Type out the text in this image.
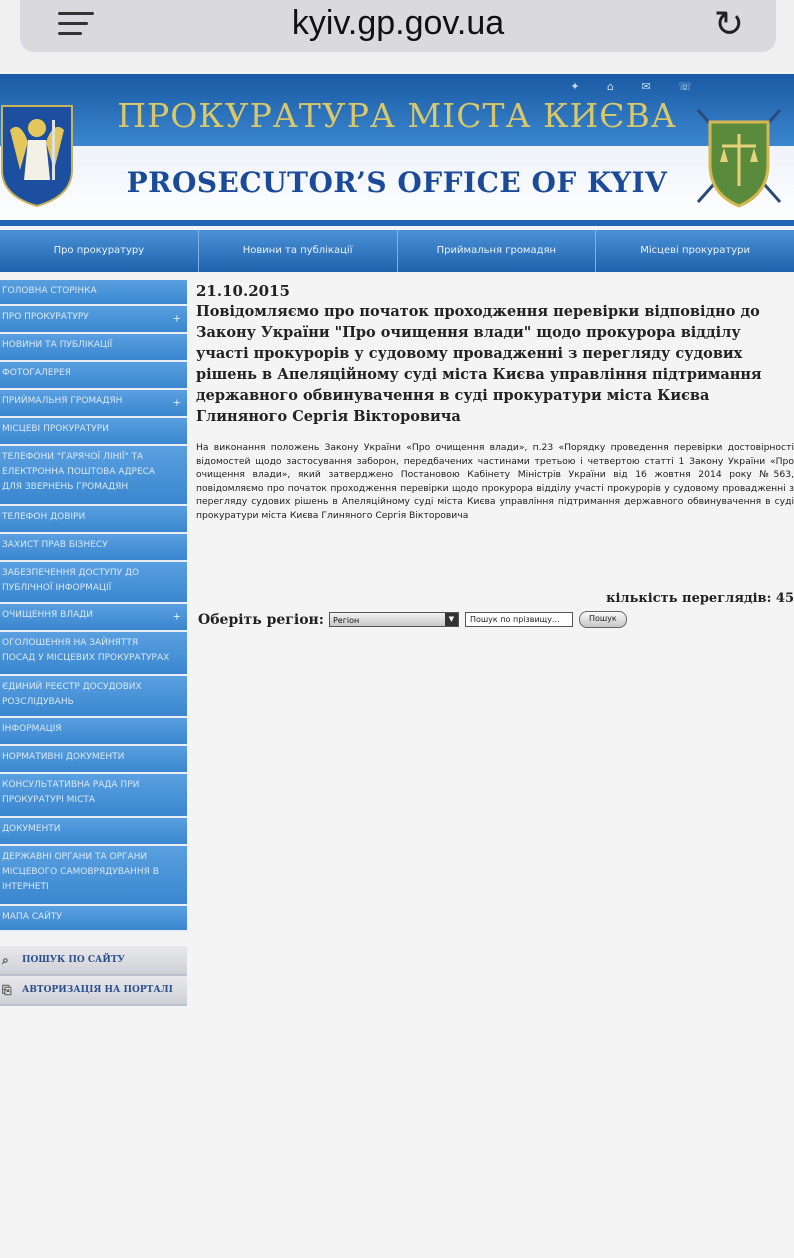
kyiv.gp.gov.ua	↻
✦ ⌂ ✉ ☏
ПРОКУРАТУРА МІСТА КИЄВА
PROSECUTOR’S OFFICE OF KYIV
Про прокуратуру	Новини та публікації	Приймальня громадян	Місцеві прокуратури
ГОЛОВНА СТОРІНКА
ПРО ПРОКУРАТУРУ	+
НОВИНИ ТА ПУБЛІКАЦІЇ
ФОТОГАЛЕРЕЯ
ПРИЙМАЛЬНЯ ГРОМАДЯН	+
МІСЦЕВІ ПРОКУРАТУРИ
ТЕЛЕФОНИ "ГАРЯЧОЇ ЛІНІЇ" ТА ЕЛЕКТРОННА ПОШТОВА АДРЕСА ДЛЯ ЗВЕРНЕНЬ ГРОМАДЯН
ТЕЛЕФОН ДОВІРИ
ЗАХИСТ ПРАВ БІЗНЕСУ
ЗАБЕЗПЕЧЕННЯ ДОСТУПУ ДО ПУБЛІЧНОЇ ІНФОРМАЦІЇ
ОЧИЩЕННЯ ВЛАДИ	+
ОГОЛОШЕННЯ НА ЗАЙНЯТТЯ ПОСАД У МІСЦЕВИХ ПРОКУРАТУРАХ
ЄДИНИЙ РЕЄСТР ДОСУДОВИХ РОЗСЛІДУВАНЬ
ІНФОРМАЦІЯ
НОРМАТИВНІ ДОКУМЕНТИ
КОНСУЛЬТАТИВНА РАДА ПРИ ПРОКУРАТУРІ МІСТА
ДОКУМЕНТИ
ДЕРЖАВНІ ОРГАНИ ТА ОРГАНИ МІСЦЕВОГО САМОВРЯДУВАННЯ В ІНТЕРНЕТІ
МАПА САЙТУ
⌕ ПОШУК ПО САЙТУ
⎘ АВТОРИЗАЦІЯ НА ПОРТАЛІ
21.10.2015
Повідомляємо про початок проходження перевірки відповідно до Закону України "Про очищення влади" щодо прокурора відділу участі прокурорів у судовому провадженні з перегляду судових рішень в Апеляційному суді міста Києва управління підтримання державного обвинувачення в суді прокуратури міста Києва Глиняного Сергія Вікторовича
На виконання положень Закону України «Про очищення влади», п.23 «Порядку проведення перевірки достовірності відомостей щодо застосування заборон, передбачених частинами третьою і четвертою статті 1 Закону України «Про очищення влади», який затверджено Постановою Кабінету Міністрів України від 16 жовтня 2014 року №563, повідомляємо про початок проходження перевірки щодо прокурора відділу участі прокурорів у судовому провадженні з перегляду судових рішень в Апеляційному суді міста Києва управління підтримання державного обвинувачення в суді прокуратури міста Києва Глиняного Сергія Вікторовича
кількість переглядів: 45
Оберіть регіон:	Регіон	▼	Пошук по прізвищу...	Пошук
